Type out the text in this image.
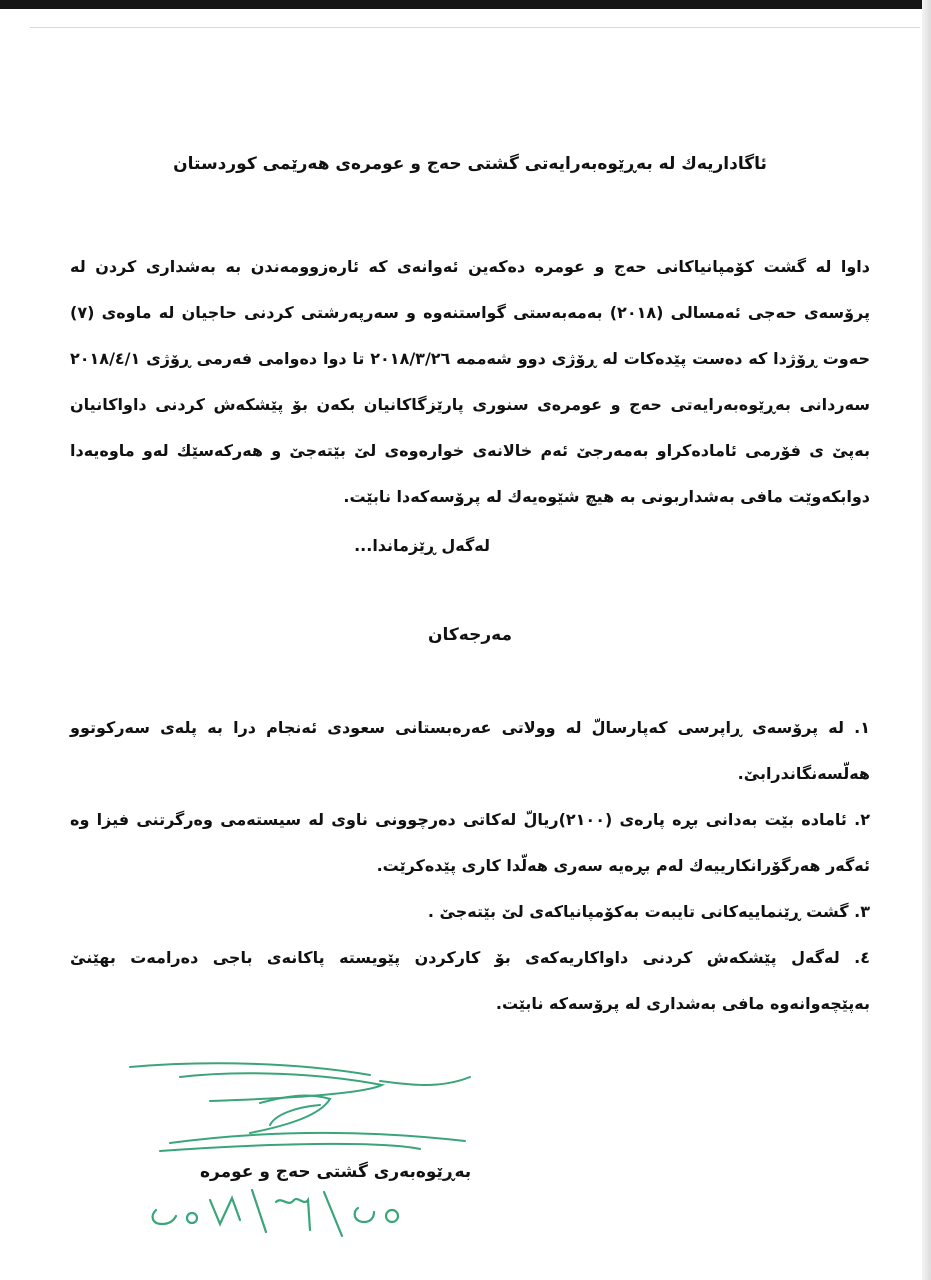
ئاگاداریەك لە بەڕێوەبەرایەتی گشتی حەج و عومرەی هەرێمی کوردستان

داوا لە گشت کۆمپانیاکانی حەج و عومرە دەکەین ئەوانەی کە ئارەزوومەندن بە بەشداری کردن لە پرۆسەی حەجی ئەمسالی (٢٠١٨) بەمەبەستی گواستنەوە و سەرپەرشتی کردنی حاجیان لە ماوەی (٧) حەوت ڕۆژدا کە دەست پێدەکات لە ڕۆژی دوو شەممە ٢٠١٨/٣/٢٦ تا دوا دەوامی فەرمی ڕۆژی ٢٠١٨/٤/١ سەردانی بەڕێوەبەرایەتی حەج و عومرەی سنوری پارێزگاکانیان بکەن بۆ پێشکەش کردنی داواکانیان بەپێ ی فۆرمی ئامادەکراو بەمەرجێ ئەم خالانەی خوارەوەی لێ بێتەجێ و هەرکەسێك لەو ماوەیەدا دوابکەوێت مافی بەشداربونی بە هیچ شێوەیەك لە پرۆسەکەدا نابێت.

لەگەل ڕێزماندا...
مەرجەکان
١. لە پرۆسەی ڕاپرسی کەپارسالّ لە وولاتی عەرەبستانی سعودی ئەنجام درا بە پلەی سەرکوتوو هەلّسەنگاندرابێ.
٢. ئامادە بێت بەدانی بڕە پارەی (٢١٠٠)ریالّ لەکاتی دەرچوونی ناوی لە سیستەمی وەرگرتنی فیزا وە ئەگەر هەرگۆرانکارییەك لەم بڕەیە سەری هەلّدا کاری پێدەکرێت.
٣. گشت ڕێنماییەکانی تایبەت بەکۆمپانیاکەی لێ بێتەجێ .
٤. لەگەل پێشکەش کردنی داواکاریەکەی بۆ کارکردن پێویستە پاکانەی باجی دەرامەت بهێنێ بەپێچەوانەوە مافی بەشداری لە پرۆسەکە نابێت.
بەڕێوەبەری گشتی حەج و عومرە
